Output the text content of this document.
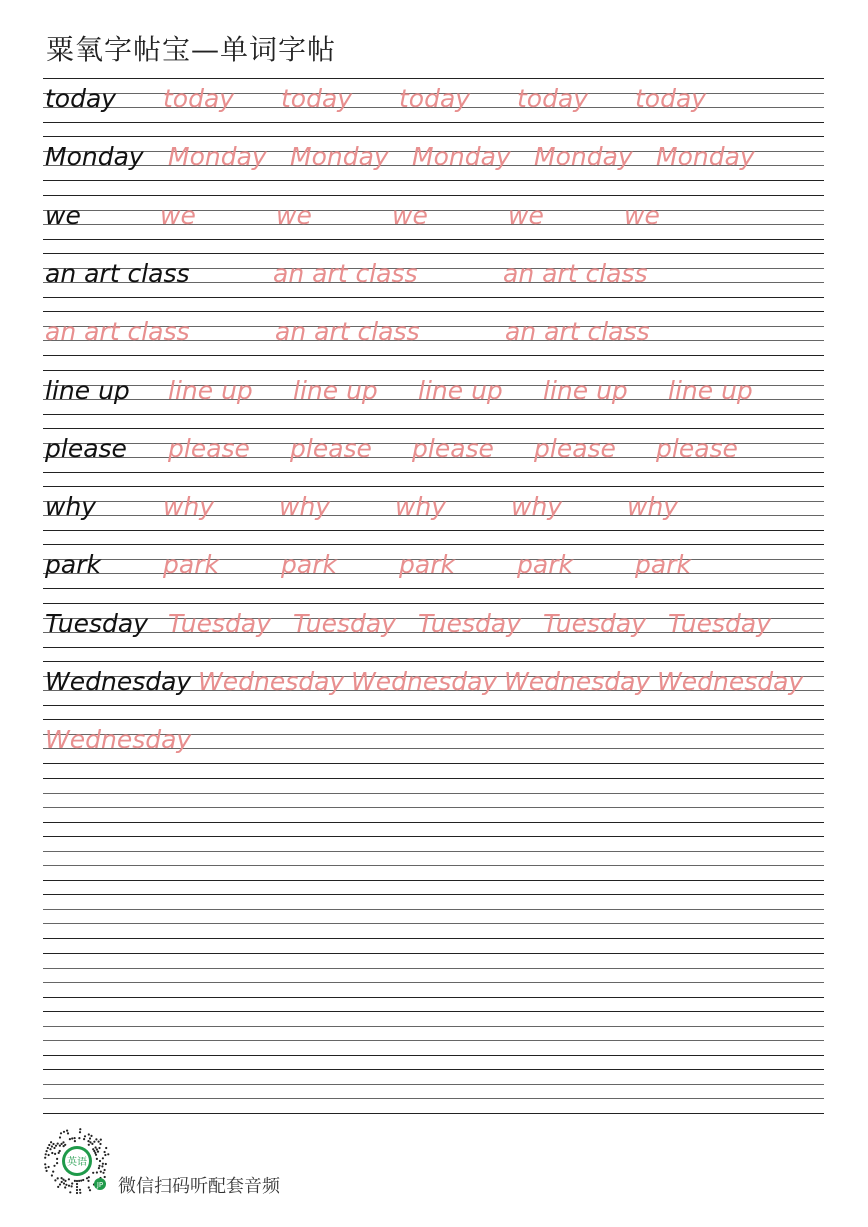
粟氧字帖宝—单词字帖
today today today today today today
Monday Monday Monday Monday Monday Monday
we	we	we	we	we	we
an art class	an art class	an art class
an art class	an art class	an art class
line up line up line up line up line up line up
please please please please please please
why	why	why	why	why	why
park park park park park park
Tuesday Tuesday Tuesday Tuesday Tuesday Tuesday
Wednesday Wednesday Wednesday Wednesday Wednesday
Wednesday
英语
JP 微信扫码听配套音频
